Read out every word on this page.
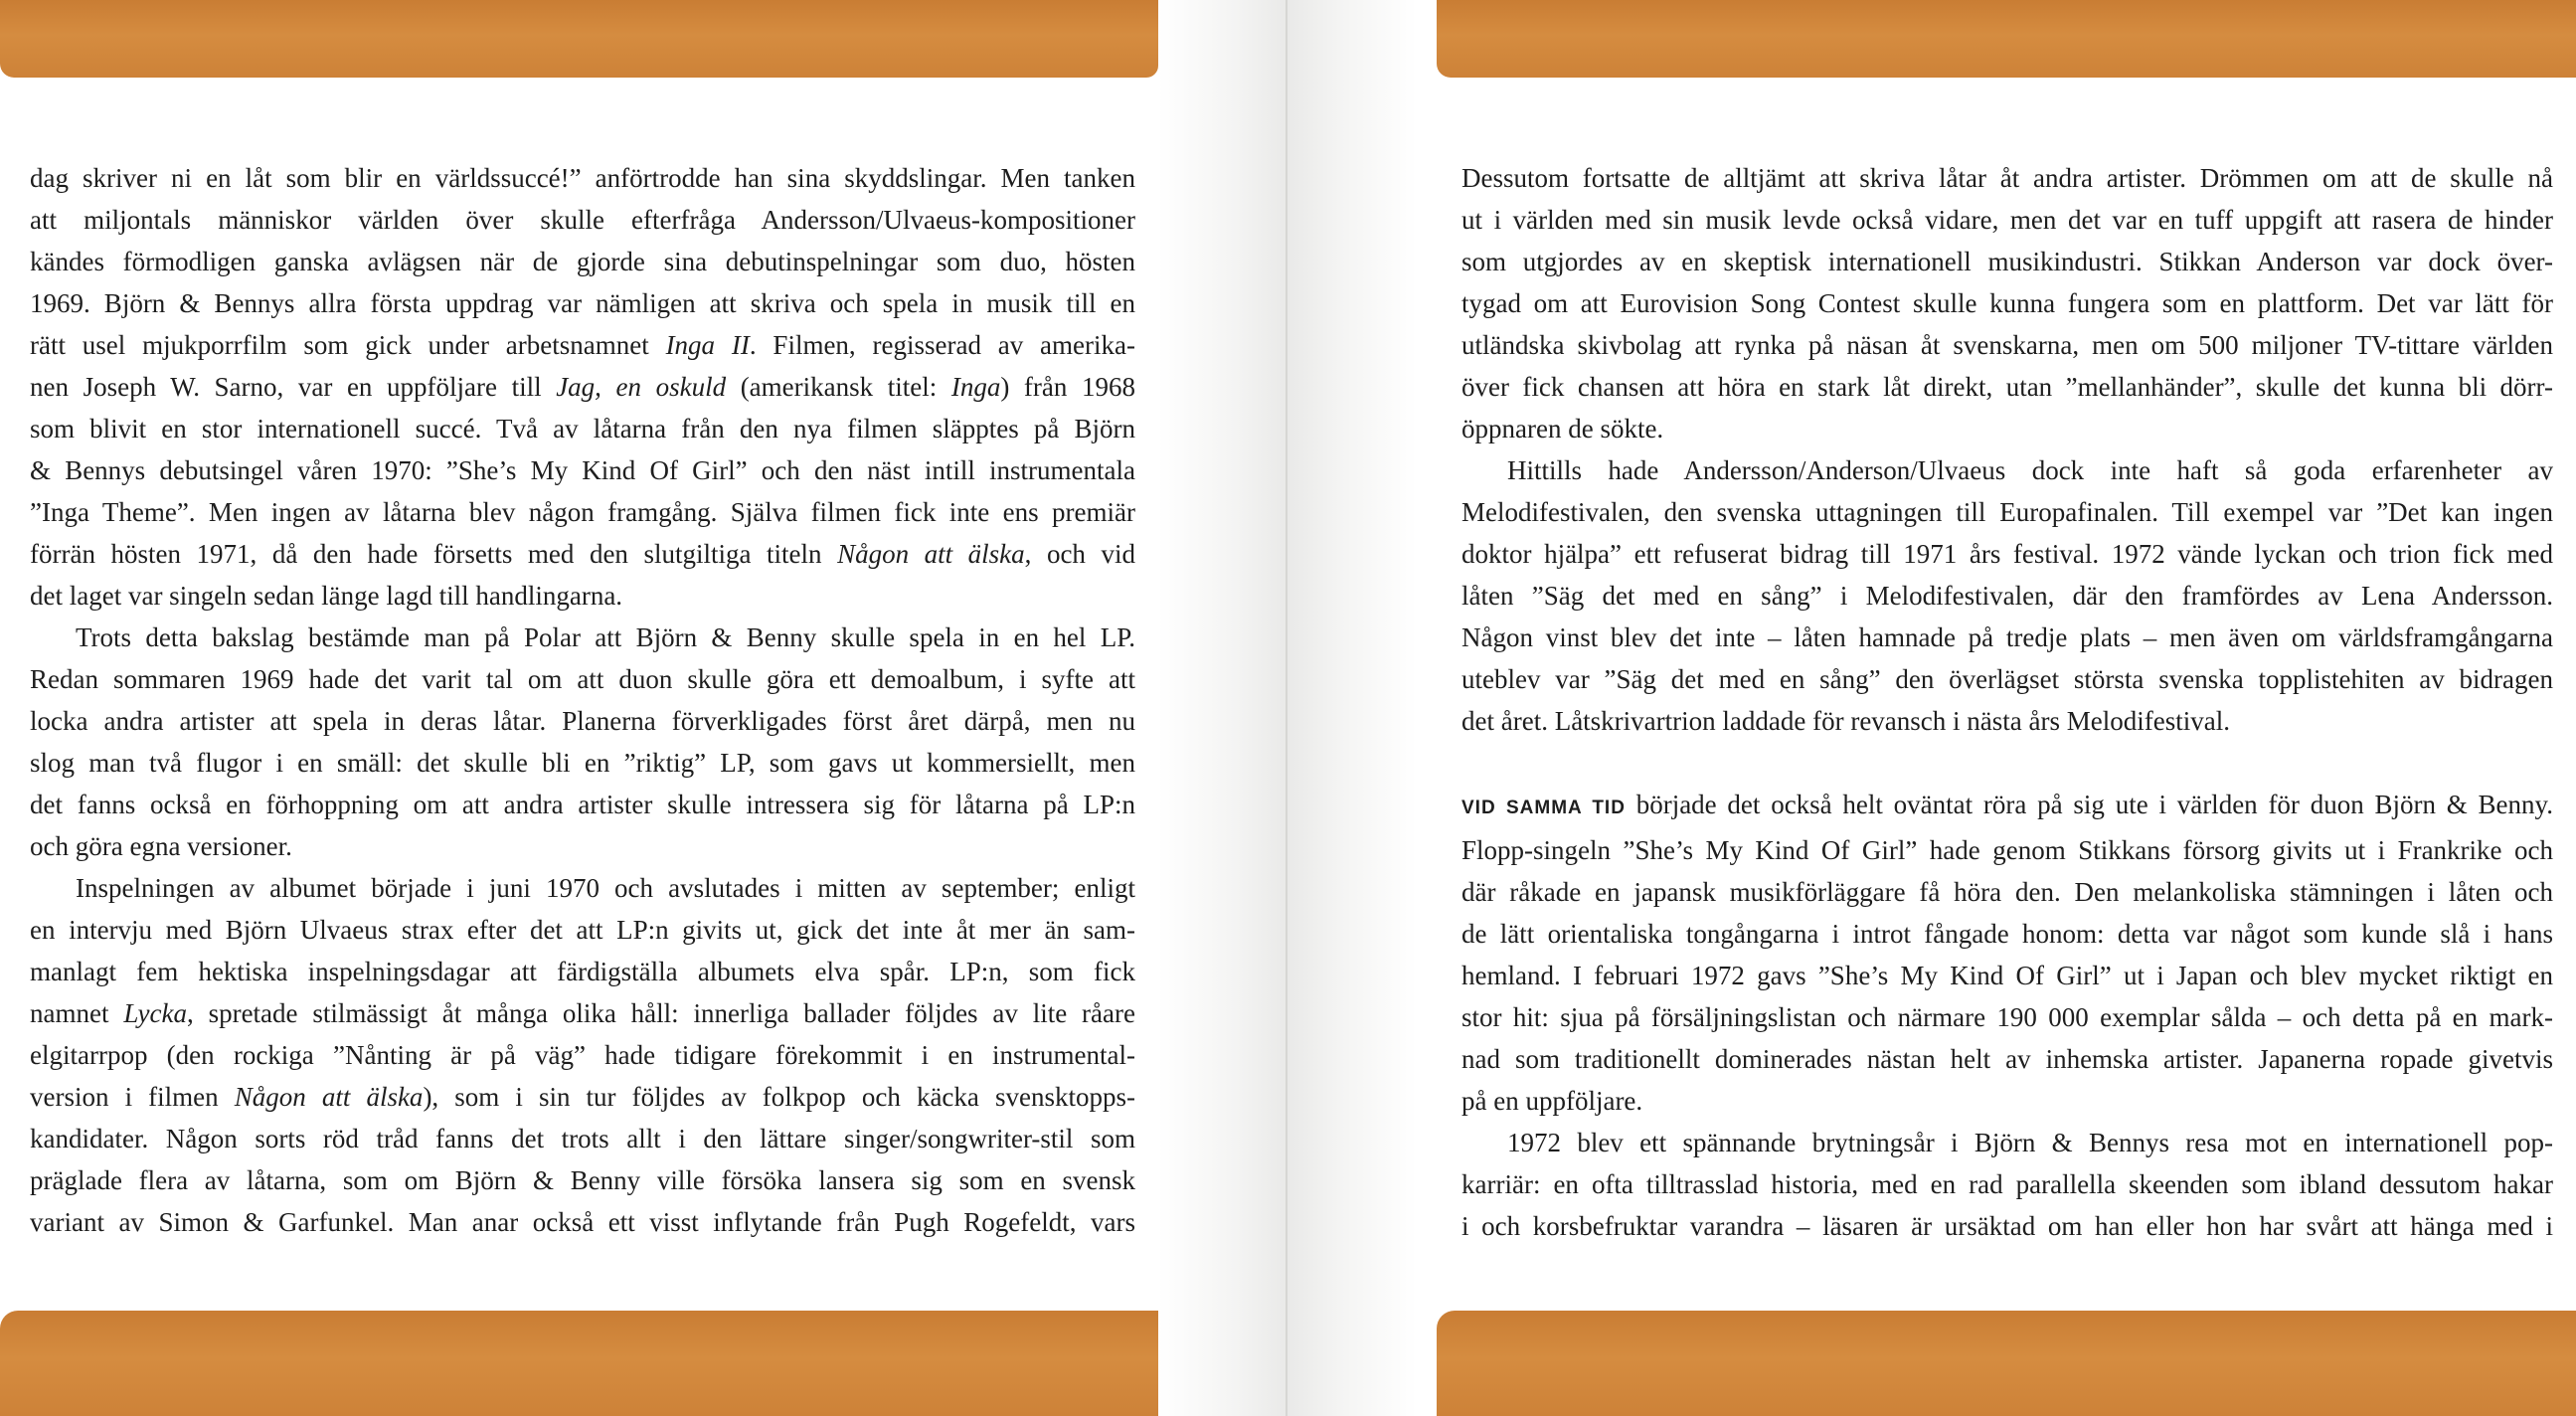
dag skriver ni en låt som blir en världssuccé!” anförtrodde han sina skyddslingar. Men tanken
att miljontals människor världen över skulle efterfråga Andersson/Ulvaeus-kompositioner
kändes förmodligen ganska avlägsen när de gjorde sina debutinspelningar som duo, hösten
1969. Björn & Bennys allra första uppdrag var nämligen att skriva och spela in musik till en
rätt usel mjukporrfilm som gick under arbetsnamnet Inga II. Filmen, regisserad av amerika-
nen Joseph W. Sarno, var en uppföljare till Jag, en oskuld (amerikansk titel: Inga) från 1968
som blivit en stor internationell succé. Två av låtarna från den nya filmen släpptes på Björn
& Bennys debutsingel våren 1970: ”She’s My Kind Of Girl” och den näst intill instrumentala
”Inga Theme”. Men ingen av låtarna blev någon framgång. Själva filmen fick inte ens premiär
förrän hösten 1971, då den hade försetts med den slutgiltiga titeln Någon att älska, och vid
det laget var singeln sedan länge lagd till handlingarna.

Trots detta bakslag bestämde man på Polar att Björn & Benny skulle spela in en hel LP.
Redan sommaren 1969 hade det varit tal om att duon skulle göra ett demoalbum, i syfte att
locka andra artister att spela in deras låtar. Planerna förverkligades först året därpå, men nu
slog man två flugor i en smäll: det skulle bli en ”riktig” LP, som gavs ut kommersiellt, men
det fanns också en förhoppning om att andra artister skulle intressera sig för låtarna på LP:n
och göra egna versioner.

Inspelningen av albumet började i juni 1970 och avslutades i mitten av september; enligt
en intervju med Björn Ulvaeus strax efter det att LP:n givits ut, gick det inte åt mer än sam-
manlagt fem hektiska inspelningsdagar att färdigställa albumets elva spår. LP:n, som fick
namnet Lycka, spretade stilmässigt åt många olika håll: innerliga ballader följdes av lite råare
elgitarrpop (den rockiga ”Nånting är på väg” hade tidigare förekommit i en instrumental-
version i filmen Någon att älska), som i sin tur följdes av folkpop och käcka svensktopps-
kandidater. Någon sorts röd tråd fanns det trots allt i den lättare singer/songwriter-stil som
präglade flera av låtarna, som om Björn & Benny ville försöka lansera sig som en svensk
variant av Simon & Garfunkel. Man anar också ett visst inflytande från Pugh Rogefeldt, vars

Dessutom fortsatte de alltjämt att skriva låtar åt andra artister. Drömmen om att de skulle nå
ut i världen med sin musik levde också vidare, men det var en tuff uppgift att rasera de hinder
som utgjordes av en skeptisk internationell musikindustri. Stikkan Anderson var dock över-
tygad om att Eurovision Song Contest skulle kunna fungera som en plattform. Det var lätt för
utländska skivbolag att rynka på näsan åt svenskarna, men om 500 miljoner TV-tittare världen
över fick chansen att höra en stark låt direkt, utan ”mellanhänder”, skulle det kunna bli dörr-
öppnaren de sökte.

Hittills hade Andersson/Anderson/Ulvaeus dock inte haft så goda erfarenheter av
Melodifestivalen, den svenska uttagningen till Europafinalen. Till exempel var ”Det kan ingen
doktor hjälpa” ett refuserat bidrag till 1971 års festival. 1972 vände lyckan och trion fick med
låten ”Säg det med en sång” i Melodifestivalen, där den framfördes av Lena Andersson.
Någon vinst blev det inte – låten hamnade på tredje plats – men även om världsframgångarna
uteblev var ”Säg det med en sång” den överlägset största svenska topplistehiten av bidragen
det året. Låtskrivartrion laddade för revansch i nästa års Melodifestival.

VID SAMMA TID började det också helt oväntat röra på sig ute i världen för duon Björn & Benny.
Flopp-singeln ”She’s My Kind Of Girl” hade genom Stikkans försorg givits ut i Frankrike och
där råkade en japansk musikförläggare få höra den. Den melankoliska stämningen i låten och
de lätt orientaliska tongångarna i introt fångade honom: detta var något som kunde slå i hans
hemland. I februari 1972 gavs ”She’s My Kind Of Girl” ut i Japan och blev mycket riktigt en
stor hit: sjua på försäljningslistan och närmare 190 000 exemplar sålda – och detta på en mark-
nad som traditionellt dominerades nästan helt av inhemska artister. Japanerna ropade givetvis
på en uppföljare.

1972 blev ett spännande brytningsår i Björn & Bennys resa mot en internationell pop-
karriär: en ofta tilltrasslad historia, med en rad parallella skeenden som ibland dessutom hakar
i och korsbefruktar varandra – läsaren är ursäktad om han eller hon har svårt att hänga med i
